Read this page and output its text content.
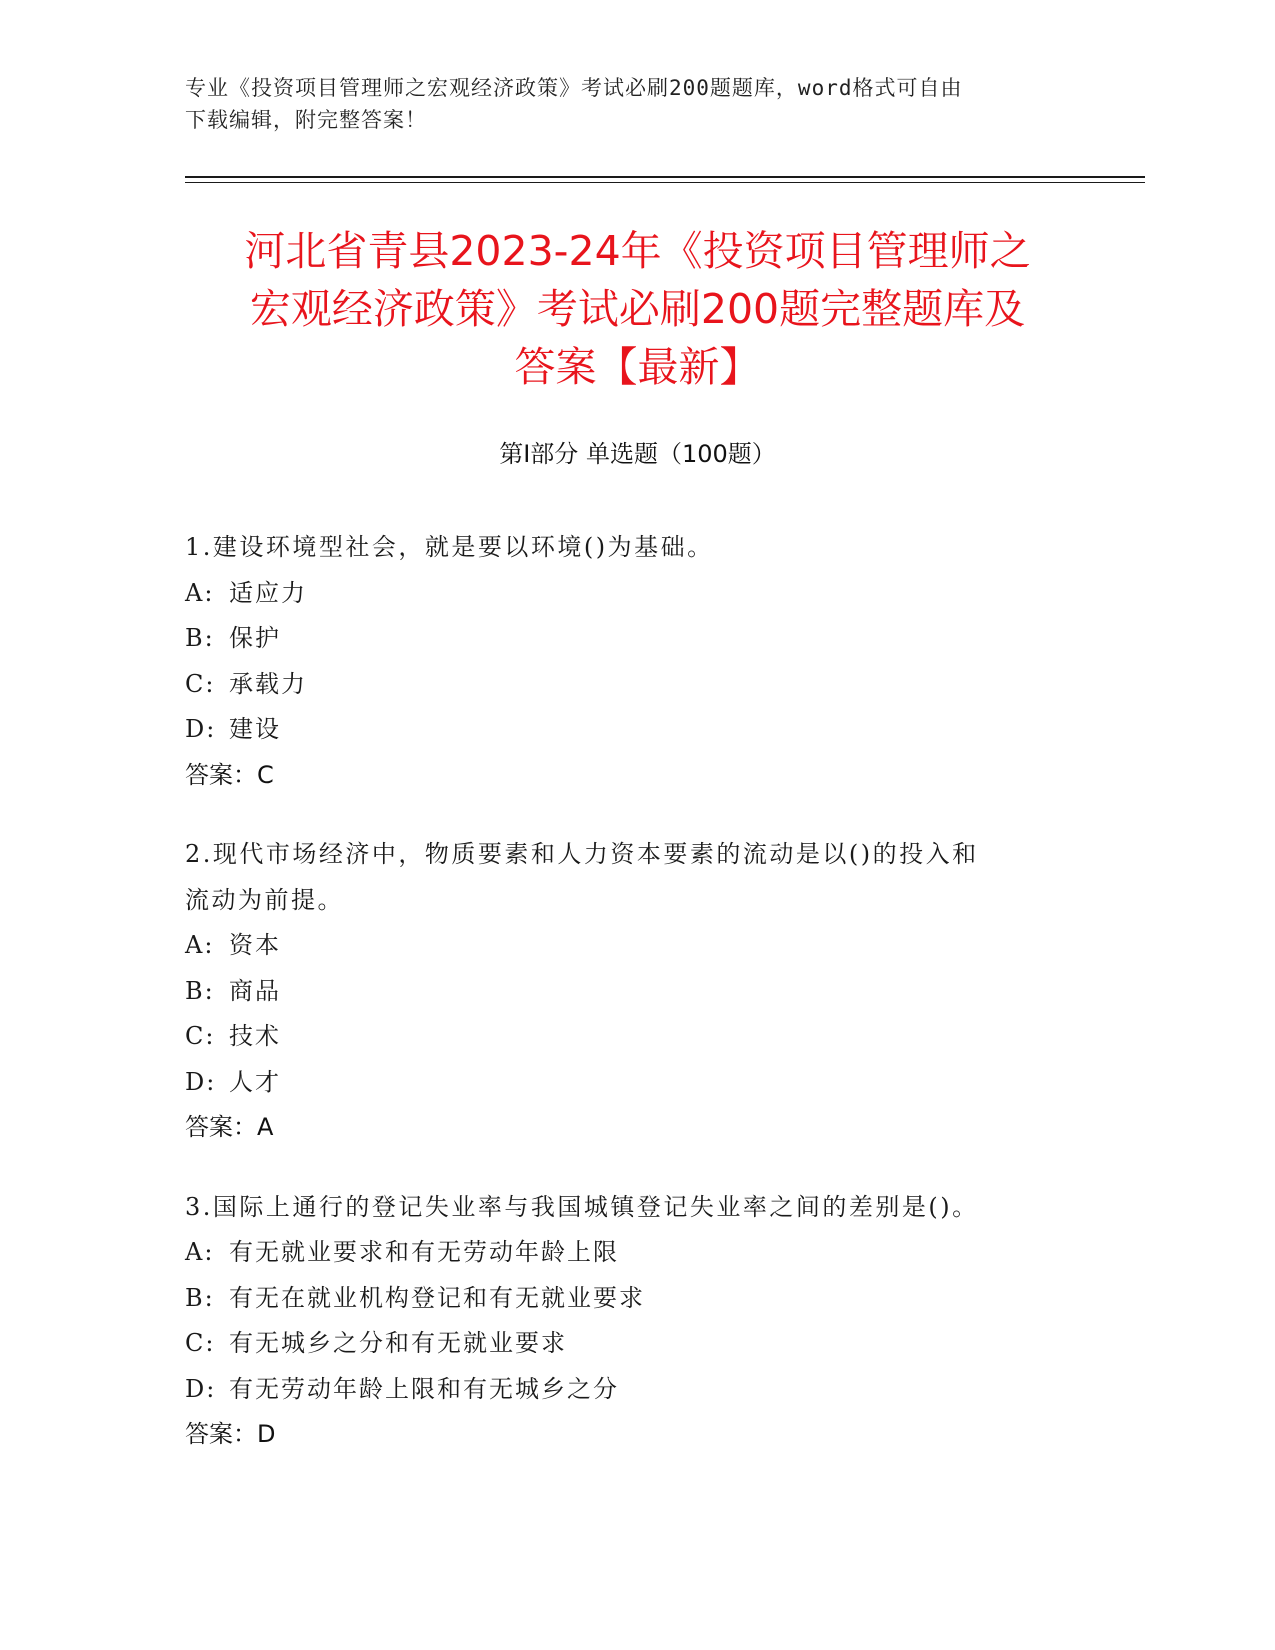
专业《投资项目管理师之宏观经济政策》考试必刷200题题库，word格式可自由
下载编辑，附完整答案！
河北省青县2023-24年《投资项目管理师之
宏观经济政策》考试必刷200题完整题库及
答案【最新】
第I部分 单选题（100题）
1.建设环境型社会，就是要以环境()为基础。
A: 适应力
B: 保护
C: 承载力
D: 建设
答案：C
2.现代市场经济中，物质要素和人力资本要素的流动是以()的投入和
流动为前提。
A: 资本
B: 商品
C: 技术
D: 人才
答案：A
3.国际上通行的登记失业率与我国城镇登记失业率之间的差别是()。
A: 有无就业要求和有无劳动年龄上限
B: 有无在就业机构登记和有无就业要求
C: 有无城乡之分和有无就业要求
D: 有无劳动年龄上限和有无城乡之分
答案：D
